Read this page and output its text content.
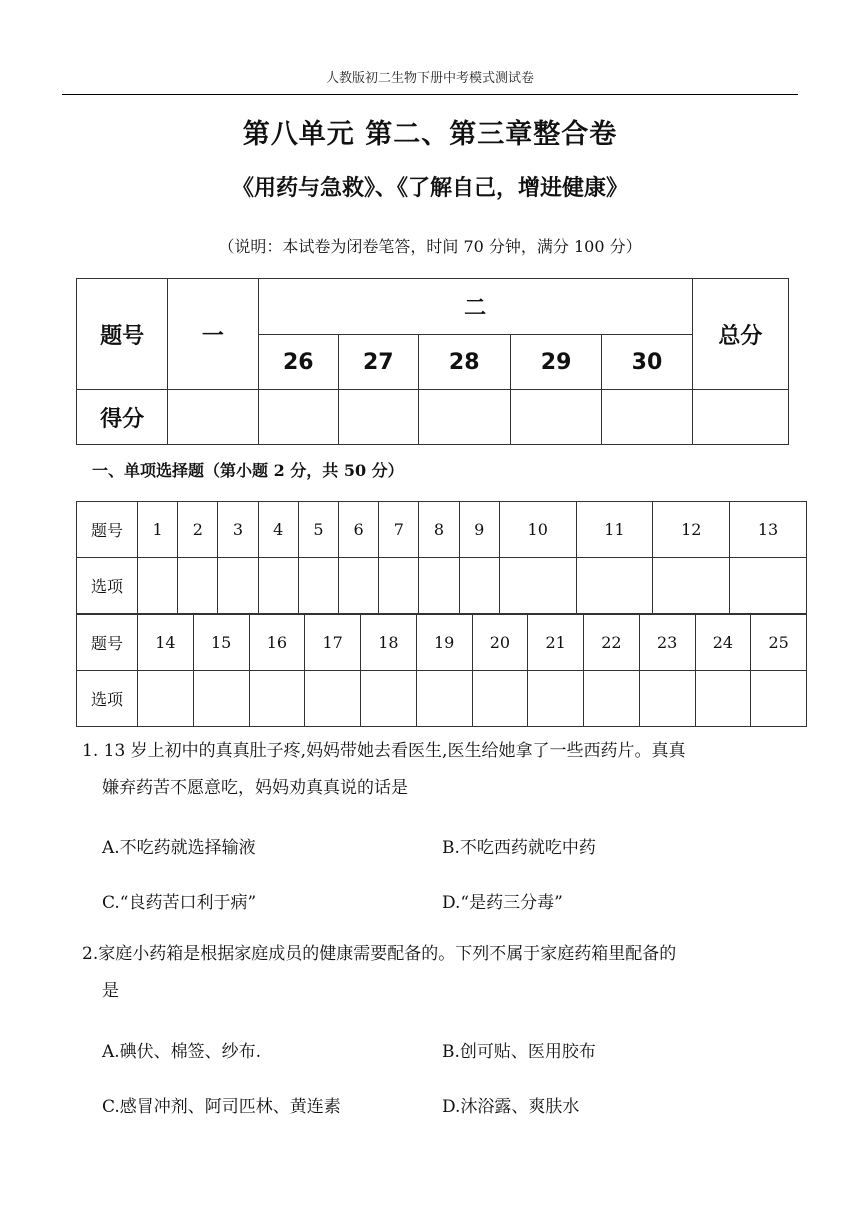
人教版初二生物下册中考模式测试卷
第八单元 第二、第三章整合卷
《用药与急救》、《了解自己，增进健康》
（说明：本试卷为闭卷笔答，时间 70 分钟，满分 100 分）
题号	一	二					总分
		26	27	28	29	30	
得分							
一、单项选择题（第小题 2 分，共 50 分）
题号	1	2	3	4	5	6	7	8	9	10	11	12	13
选项													
题号	14	15	16	17	18	19	20	21	22	23	24	25
选项												
1. 13 岁上初中的真真肚子疼,妈妈带她去看医生,医生给她拿了一些西药片。真真
嫌弃药苦不愿意吃，妈妈劝真真说的话是
A.不吃药就选择输液	B.不吃西药就吃中药
C.“良药苦口利于病”	D.“是药三分毒”
2.家庭小药箱是根据家庭成员的健康需要配备的。下列不属于家庭药箱里配备的
是
A.碘伏、棉签、纱布.	B.创可贴、医用胶布
C.感冒冲剂、阿司匹林、黄连素	D.沐浴露、爽肤水
